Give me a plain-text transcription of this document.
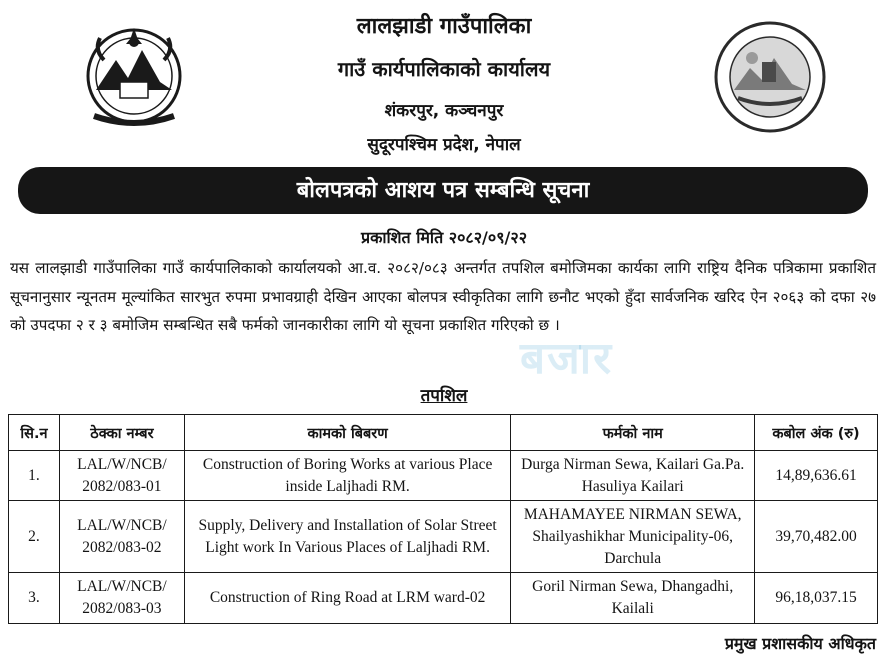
लालझाडी गाउँपालिका
गाउँ कार्यपालिकाको कार्यालय
शंकरपुर, कञ्चनपुर
सुदूरपश्चिम प्रदेश, नेपाल
बोलपत्रको आशय पत्र सम्बन्धि सूचना
प्रकाशित मिति २०८२/०९/२२
यस लालझाडी गाउँपालिका गाउँ कार्यपालिकाको कार्यालयको आ.व. २०८२/०८३ अन्तर्गत तपशिल बमोजिमका कार्यका लागि राष्ट्रिय दैनिक पत्रिकामा प्रकाशित सूचनानुसार न्यूनतम मूल्यांकित सारभुत रुपमा प्रभावग्राही देखिन आएका बोलपत्र स्वीकृतिका लागि छनौट भएको हुँदा सार्वजनिक खरिद ऐन २०६३ को दफा २७ को उपदफा २ र ३ बमोजिम सम्बन्धित सबै फर्मको जानकारीका लागि यो सूचना प्रकाशित गरिएको छ ।
बजार
तपशिल
सि.न	ठेक्का नम्बर	कामको बिबरण	फर्मको नाम	कबोल अंक (रु)
1.	LAL/W/NCB/ 2082/083-01	Construction of Boring Works at various Place inside Laljhadi RM.	Durga Nirman Sewa, Kailari Ga.Pa. Hasuliya Kailari	14,89,636.61
2.	LAL/W/NCB/ 2082/083-02	Supply, Delivery and Installation of Solar Street Light work In Various Places of Laljhadi RM.	MAHAMAYEE NIRMAN SEWA, Shailyashikhar Municipality-06, Darchula	39,70,482.00
3.	LAL/W/NCB/ 2082/083-03	Construction of Ring Road at LRM ward-02	Goril Nirman Sewa, Dhangadhi, Kailali	96,18,037.15
प्रमुख प्रशासकीय अधिकृत
